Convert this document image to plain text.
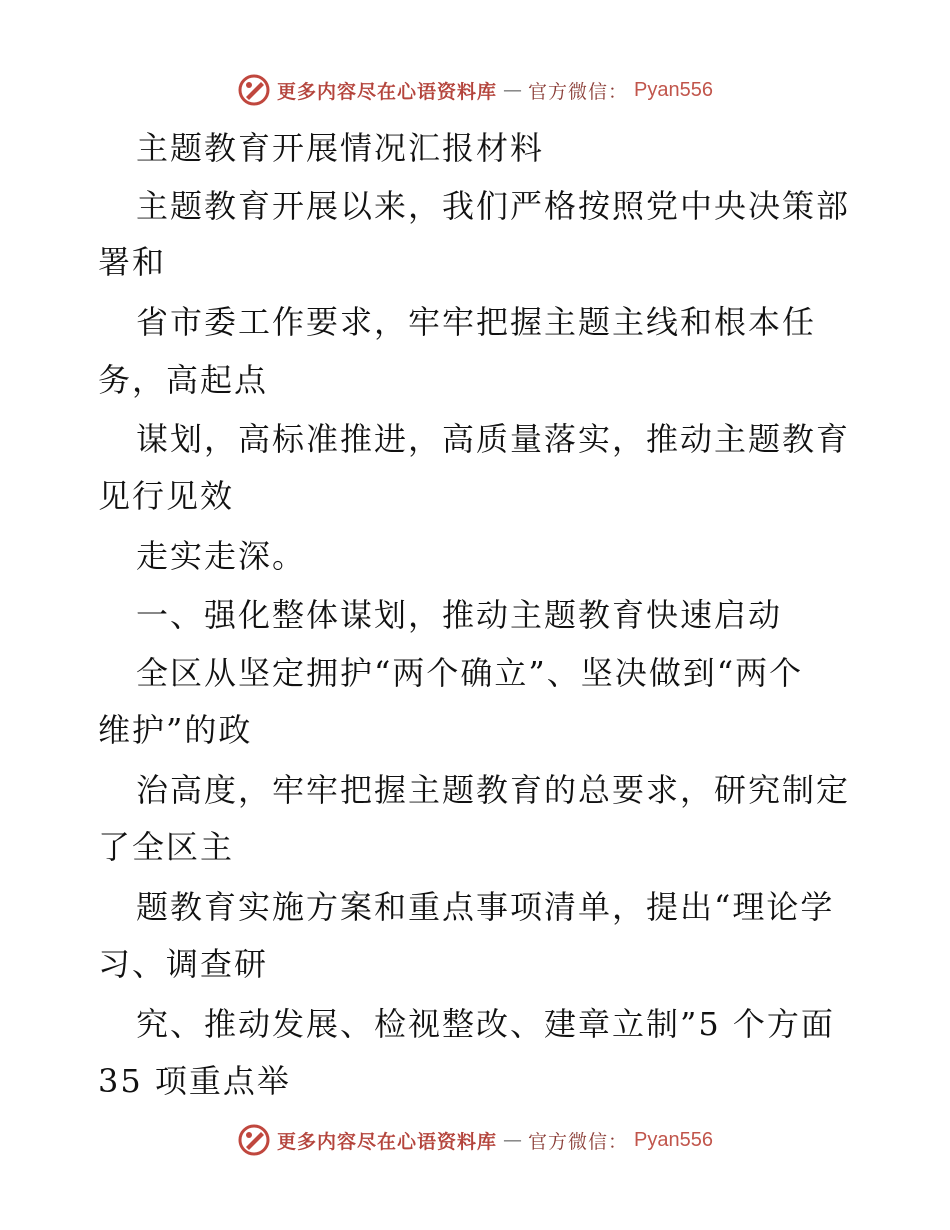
更多内容尽在心语资料库 — 官方微信： Pyan556
主题教育开展情况汇报材料
主题教育开展以来，我们严格按照党中央决策部
署和
省市委工作要求，牢牢把握主题主线和根本任
务，高起点
谋划，高标准推进，高质量落实，推动主题教育
见行见效
走实走深。
一、强化整体谋划，推动主题教育快速启动
全区从坚定拥护“两个确立”、坚决做到“两个
维护”的政
治高度，牢牢把握主题教育的总要求，研究制定
了全区主
题教育实施方案和重点事项清单，提出“理论学
习、调查研
究、推动发展、检视整改、建章立制”5 个方面
35 项重点举
更多内容尽在心语资料库 — 官方微信： Pyan556
